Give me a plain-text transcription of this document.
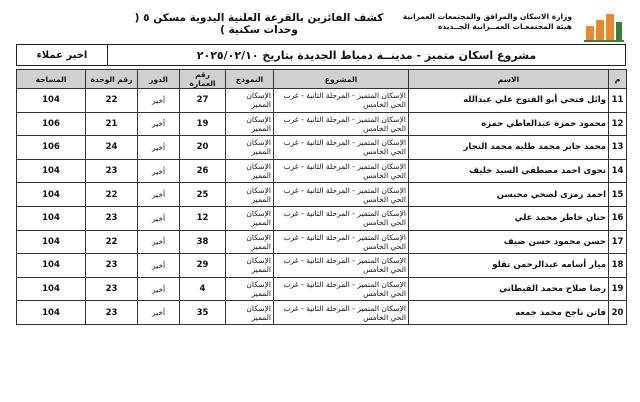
وزارة الاسكان والمرافق والمجتمعات العمرانية
هيئة المجتمعـات العمــرانية الجــديدة
كشف الفائزين بالقرعة العلنية اليدوية مسكن ٥ ( وحدات سكنية )
مشروع اسكان متميز - مدينــة دمياط الجديدة بتاريخ ٢٠٢٥/٠٢/١٠
اخير عملاء
م	الاسم	المشروع	النموذج	رقم العمارة	الدور	رقم الوحدة	المساحة
11	وائل فتحي أبو الفتوح علي عبدالله	الإسكان المتميز - المرحلة الثانية - غرب الحي الخامس	الإسكان المميز	27	أخير	22	104
12	محمود حمزه عبدالعاطي حمزه	الإسكان المتميز - المرحلة الثانية - غرب الحي الخامس	الإسكان المميز	19	أخير	21	106
13	محمد جابر محمد طليه محمد النجار	الإسكان المتميز - المرحلة الثانية - غرب الحي الخامس	الإسكان المميز	20	أخير	24	106
14	نجوى احمد مصطفي السيد خليف	الإسكان المتميز - المرحلة الثانية - غرب الحي الخامس	الإسكان المميز	26	أخير	23	104
15	احمد رمزى لصحي محيسن	الإسكان المتميز - المرحلة الثانية - غرب الحي الخامس	الإسكان المميز	25	أخير	22	104
16	حنان خاطر محمد علي	الإسكان المتميز - المرحلة الثانية - غرب الحي الخامس	الإسكان المميز	12	أخير	23	104
17	حسن محمود حسن ضيف	الإسكان المتميز - المرحلة الثانية - غرب الحي الخامس	الإسكان المميز	38	أخير	22	104
18	ميار أسامه عبدالرحمن تقلو	الإسكان المتميز - المرحلة الثانية - غرب الحي الخامس	الإسكان المميز	29	أخير	23	104
19	رضا صلاح محمد القيطاني	الإسكان المتميز - المرحلة الثانية - غرب الحي الخامس	الإسكان المميز	4	أخير	23	104
20	فاتن ناجح محمد جمعه	الإسكان المتميز - المرحلة الثانية - غرب الحي الخامس	الإسكان المميز	35	أخير	23	104
